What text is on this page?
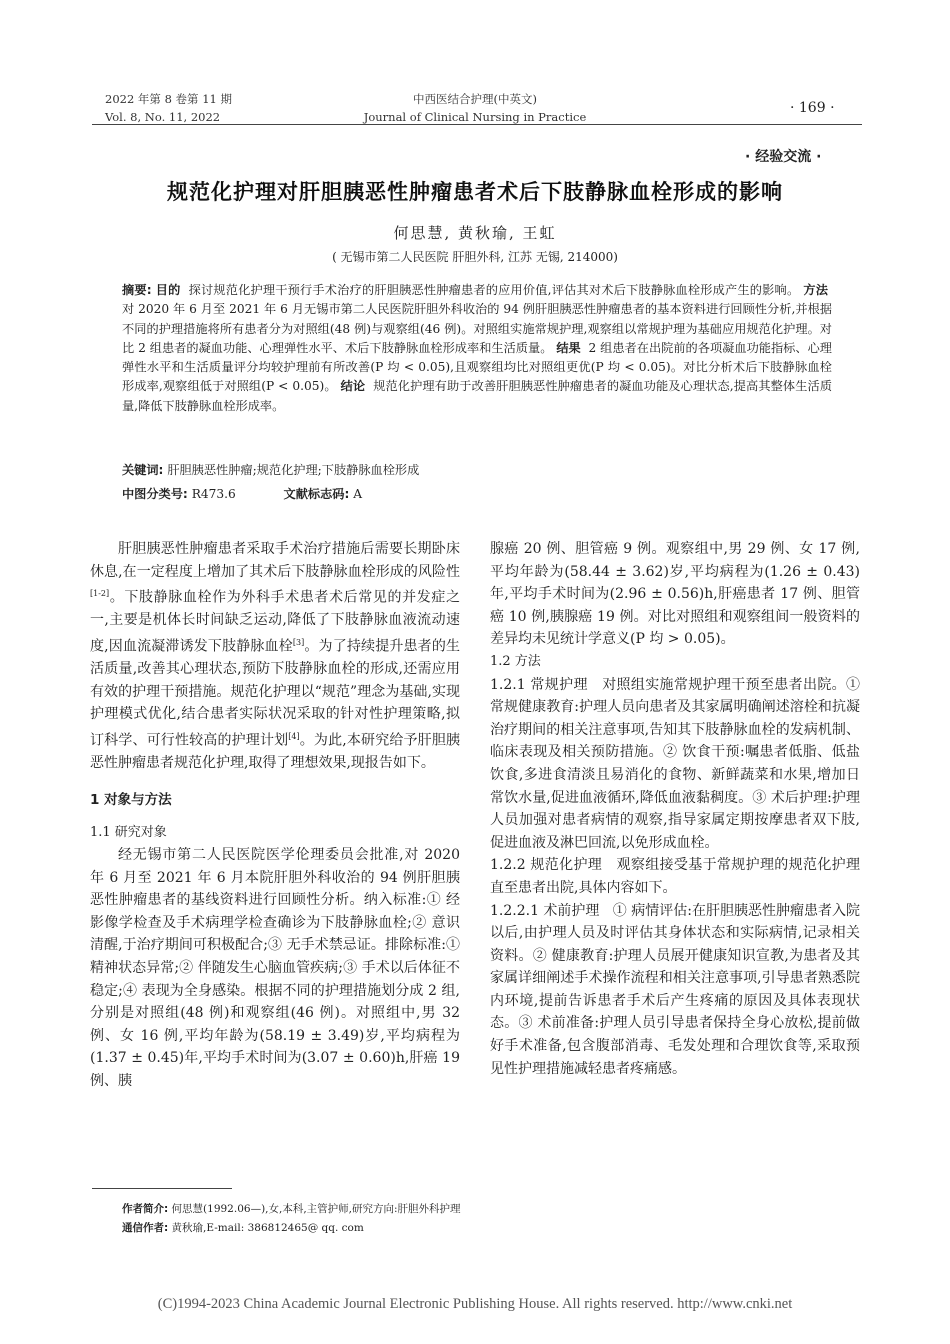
2022 年第 8 卷第 11 期
Vol. 8, No. 11, 2022
中西医结合护理(中英文)
Journal of Clinical Nursing in Practice
· 169 ·
· 经验交流 ·
规范化护理对肝胆胰恶性肿瘤患者术后下肢静脉血栓形成的影响
何思慧, 黄秋瑜, 王虹
( 无锡市第二人民医院 肝胆外科, 江苏 无锡, 214000)
摘要: 目的 探讨规范化护理干预行手术治疗的肝胆胰恶性肿瘤患者的应用价值,评估其对术后下肢静脉血栓形成产生的影响。 方法  对 2020 年 6 月至 2021 年 6 月无锡市第二人民医院肝胆外科收治的 94 例肝胆胰恶性肿瘤患者的基本资料进行回顾性分析,并根据不同的护理措施将所有患者分为对照组(48 例)与观察组(46 例)。对照组实施常规护理,观察组以常规护理为基础应用规范化护理。对比 2 组患者的凝血功能、心理弹性水平、术后下肢静脉血栓形成率和生活质量。 结果 2 组患者在出院前的各项凝血功能指标、心理弹性水平和生活质量评分均较护理前有所改善(P 均 < 0.05),且观察组均比对照组更优(P 均 < 0.05)。对比分析术后下肢静脉血栓形成率,观察组低于对照组(P < 0.05)。 结论 规范化护理有助于改善肝胆胰恶性肿瘤患者的凝血功能及心理状态,提高其整体生活质量,降低下肢静脉血栓形成率。
关键词: 肝胆胰恶性肿瘤;规范化护理;下肢静脉血栓形成
中图分类号: R473.6	文献标志码: A

肝胆胰恶性肿瘤患者采取手术治疗措施后需要长期卧床休息,在一定程度上增加了其术后下肢静脉血栓形成的风险性[1-2]。下肢静脉血栓作为外科手术患者术后常见的并发症之一,主要是机体长时间缺乏运动,降低了下肢静脉血液流动速度,因血流凝滞诱发下肢静脉血栓[3]。为了持续提升患者的生活质量,改善其心理状态,预防下肢静脉血栓的形成,还需应用有效的护理干预措施。规范化护理以“规范”理念为基础,实现护理模式优化,结合患者实际状况采取的针对性护理策略,拟订科学、可行性较高的护理计划[4]。为此,本研究给予肝胆胰恶性肿瘤患者规范化护理,取得了理想效果,现报告如下。

1 对象与方法

1.1 研究对象

经无锡市第二人民医院医学伦理委员会批准,对 2020 年 6 月至 2021 年 6 月本院肝胆外科收治的 94 例肝胆胰恶性肿瘤患者的基线资料进行回顾性分析。纳入标准:① 经影像学检查及手术病理学检查确诊为下肢静脉血栓;② 意识清醒,于治疗期间可积极配合;③ 无手术禁忌证。排除标准:① 精神状态异常;② 伴随发生心脑血管疾病;③ 手术以后体征不稳定;④ 表现为全身感染。根据不同的护理措施划分成 2 组,分别是对照组(48 例)和观察组(46 例)。对照组中,男 32 例、女 16 例,平均年龄为(58.19 ± 3.49)岁,平均病程为(1.37 ± 0.45)年,平均手术时间为(3.07 ± 0.60)h,肝癌 19 例、胰

腺癌 20 例、胆管癌 9 例。观察组中,男 29 例、女 17 例,平均年龄为(58.44 ± 3.62)岁,平均病程为(1.26 ± 0.43)年,平均手术时间为(2.96 ± 0.56)h,肝癌患者 17 例、胆管癌 10 例,胰腺癌 19 例。对比对照组和观察组间一般资料的差异均未见统计学意义(P 均 > 0.05)。

1.2 方法

1.2.1 常规护理 对照组实施常规护理干预至患者出院。① 常规健康教育:护理人员向患者及其家属明确阐述溶栓和抗凝治疗期间的相关注意事项,告知其下肢静脉血栓的发病机制、临床表现及相关预防措施。② 饮食干预:嘱患者低脂、低盐饮食,多进食清淡且易消化的食物、新鲜蔬菜和水果,增加日常饮水量,促进血液循环,降低血液黏稠度。③ 术后护理:护理人员加强对患者病情的观察,指导家属定期按摩患者双下肢,促进血液及淋巴回流,以免形成血栓。

1.2.2 规范化护理 观察组接受基于常规护理的规范化护理直至患者出院,具体内容如下。

1.2.2.1 术前护理 ① 病情评估:在肝胆胰恶性肿瘤患者入院以后,由护理人员及时评估其身体状态和实际病情,记录相关资料。② 健康教育:护理人员展开健康知识宣教,为患者及其家属详细阐述手术操作流程和相关注意事项,引导患者熟悉院内环境,提前告诉患者手术后产生疼痛的原因及具体表现状态。③ 术前准备:护理人员引导患者保持全身心放松,提前做好手术准备,包含腹部消毒、毛发处理和合理饮食等,采取预见性护理措施减轻患者疼痛感。

作者简介: 何思慧(1992.06—),女,本科,主管护师,研究方向:肝胆外科护理
通信作者: 黄秋瑜,E-mail: 386812465@ qq. com
(C)1994-2023 China Academic Journal Electronic Publishing House. All rights reserved. http://www.cnki.net
